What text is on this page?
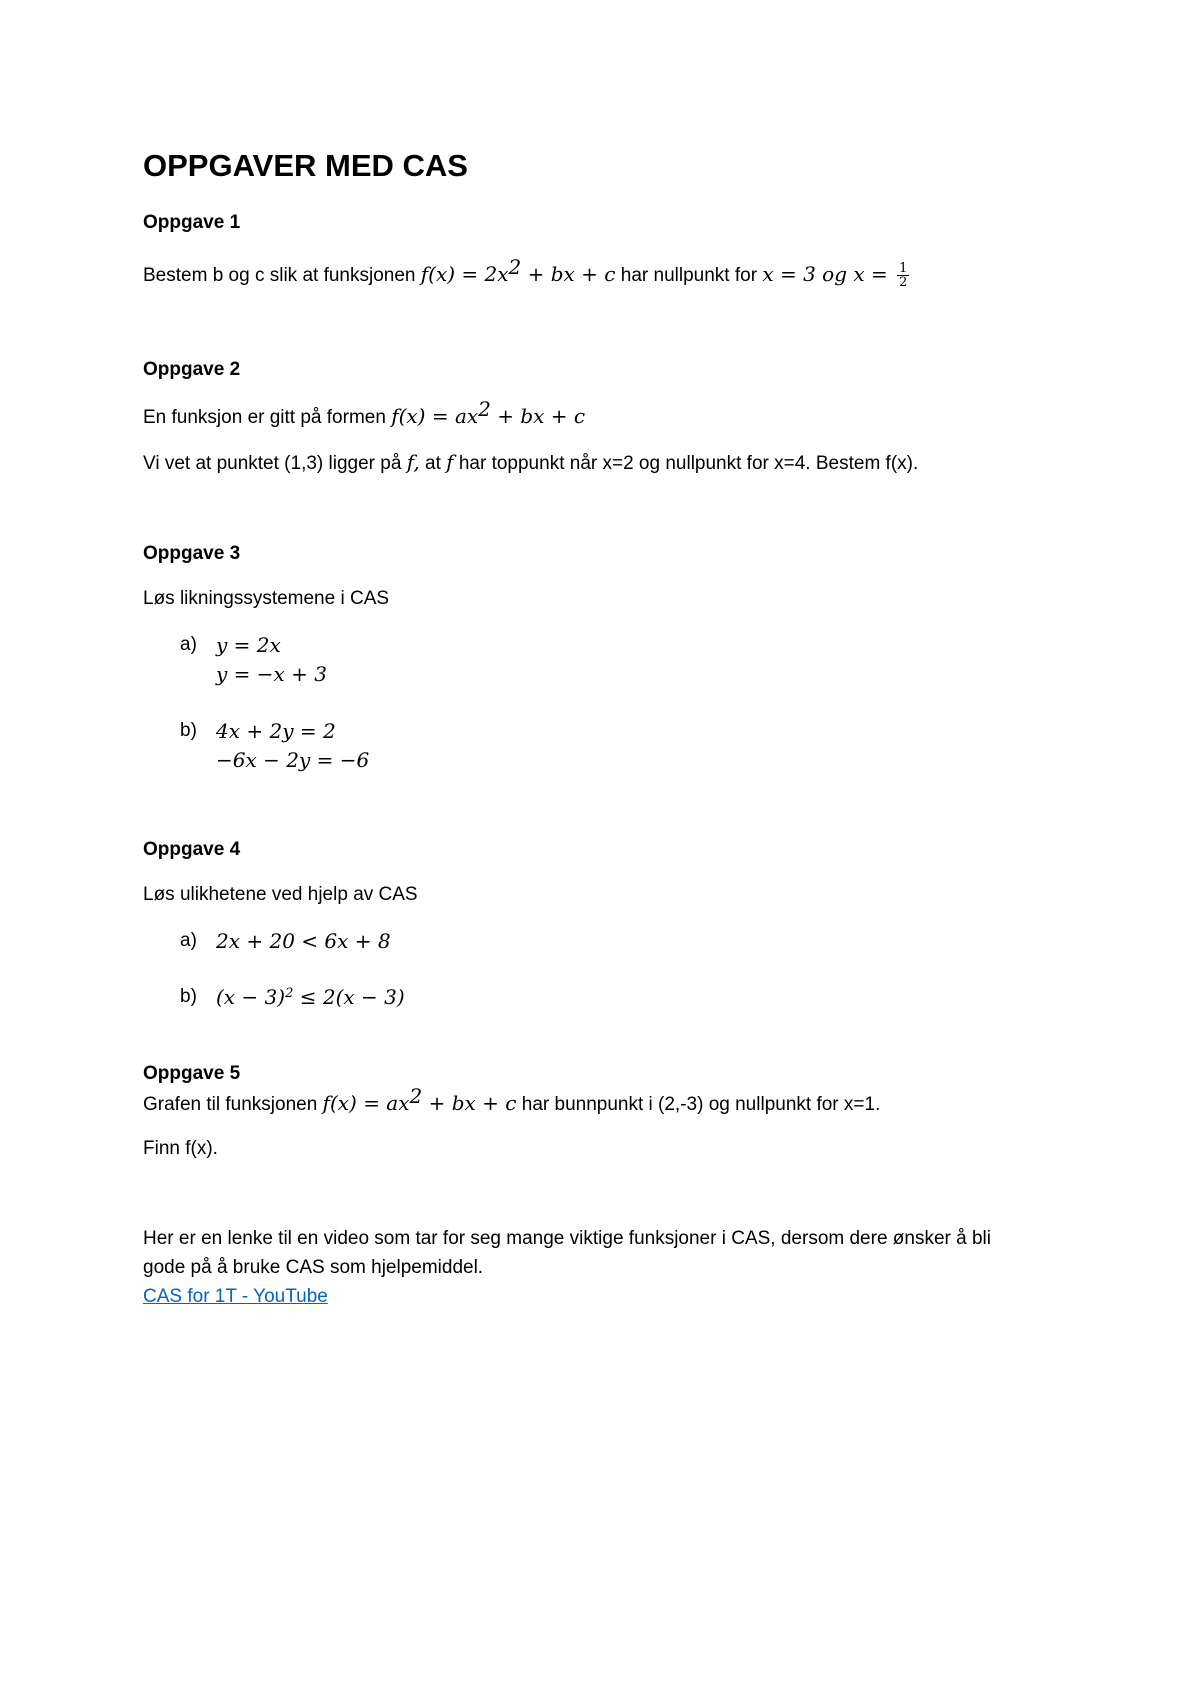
OPPGAVER MED CAS
Oppgave 1
Bestem b og c slik at funksjonen $f(x) = 2x^2$ + bx + c har nullpunkt for x = 3 og $x = \frac{1}{2}$
Oppgave 2
En funksjon er gitt på formen $f(x) = ax^2$ + bx + c
Vi vet at punktet (1,3) ligger på f, at f har toppunkt når x=2 og nullpunkt for x=4. Bestem f(x).
Oppgave 3
Løs likningssystemene i CAS
a) y = 2x
y = −x + 3
b) 4x + 2y = 2
−6x − 2y = −6
Oppgave 4
Løs ulikhetene ved hjelp av CAS
a) 2x + 20 < 6x + 8
b) $(x - 3)^2 \le 2(x - 3)$
Oppgave 5
Grafen til funksjonen $f(x) = ax^2$ + bx + c har bunnpunkt i (2,-3) og nullpunkt for x=1.
Finn f(x).
Her er en lenke til en video som tar for seg mange viktige funksjoner i CAS, dersom dere ønsker å bli
gode på å bruke CAS som hjelpemiddel.
CAS for 1T - YouTube
